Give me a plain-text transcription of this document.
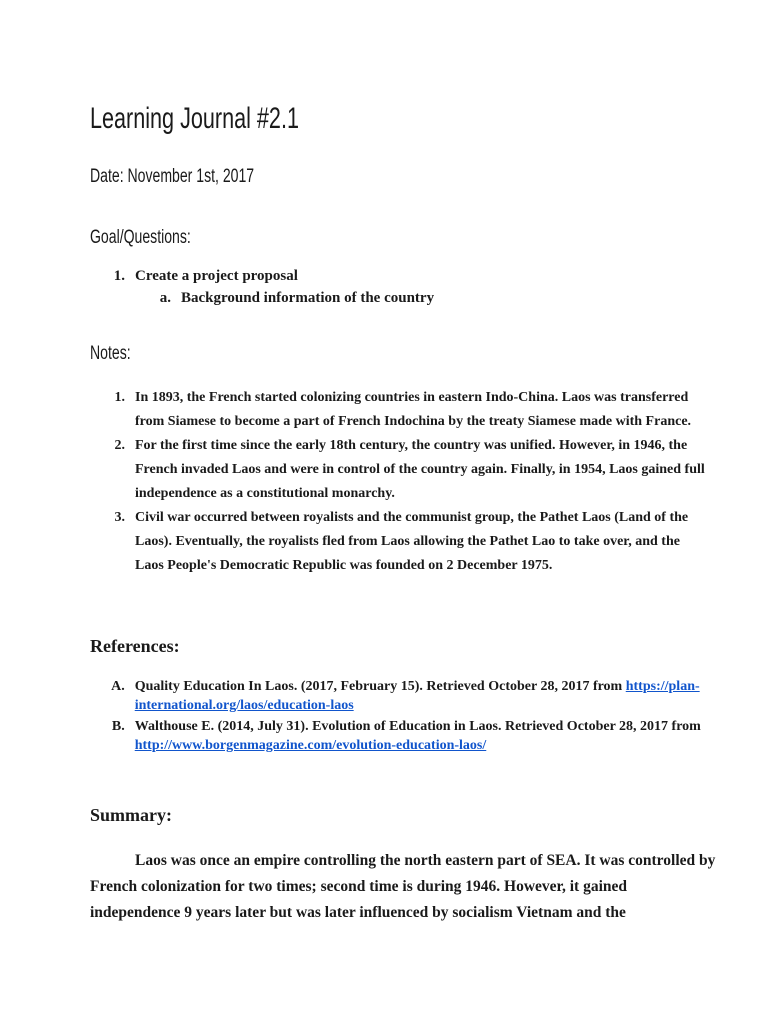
Learning Journal #2.1
Date: November 1st, 2017
Goal/Questions:
1. Create a project proposal
a. Background information of the country
Notes:
1. In 1893, the French started colonizing countries in eastern Indo-China. Laos was transferred from Siamese to become a part of French Indochina by the treaty Siamese made with France.
2. For the first time since the early 18th century, the country was unified. However, in 1946, the French invaded Laos and were in control of the country again. Finally, in 1954, Laos gained full independence as a constitutional monarchy.
3. Civil war occurred between royalists and the communist group, the Pathet Laos (Land of the Laos). Eventually, the royalists fled from Laos allowing the Pathet Lao to take over, and the Laos People's Democratic Republic was founded on 2 December 1975.
References:
A. Quality Education In Laos. (2017, February 15). Retrieved October 28, 2017 from https://plan-international.org/laos/education-laos
B. Walthouse E. (2014, July 31). Evolution of Education in Laos. Retrieved October 28, 2017 from http://www.borgenmagazine.com/evolution-education-laos/
Summary:
Laos was once an empire controlling the north eastern part of SEA. It was controlled by French colonization for two times; second time is during 1946. However, it gained independence 9 years later but was later influenced by socialism Vietnam and the
